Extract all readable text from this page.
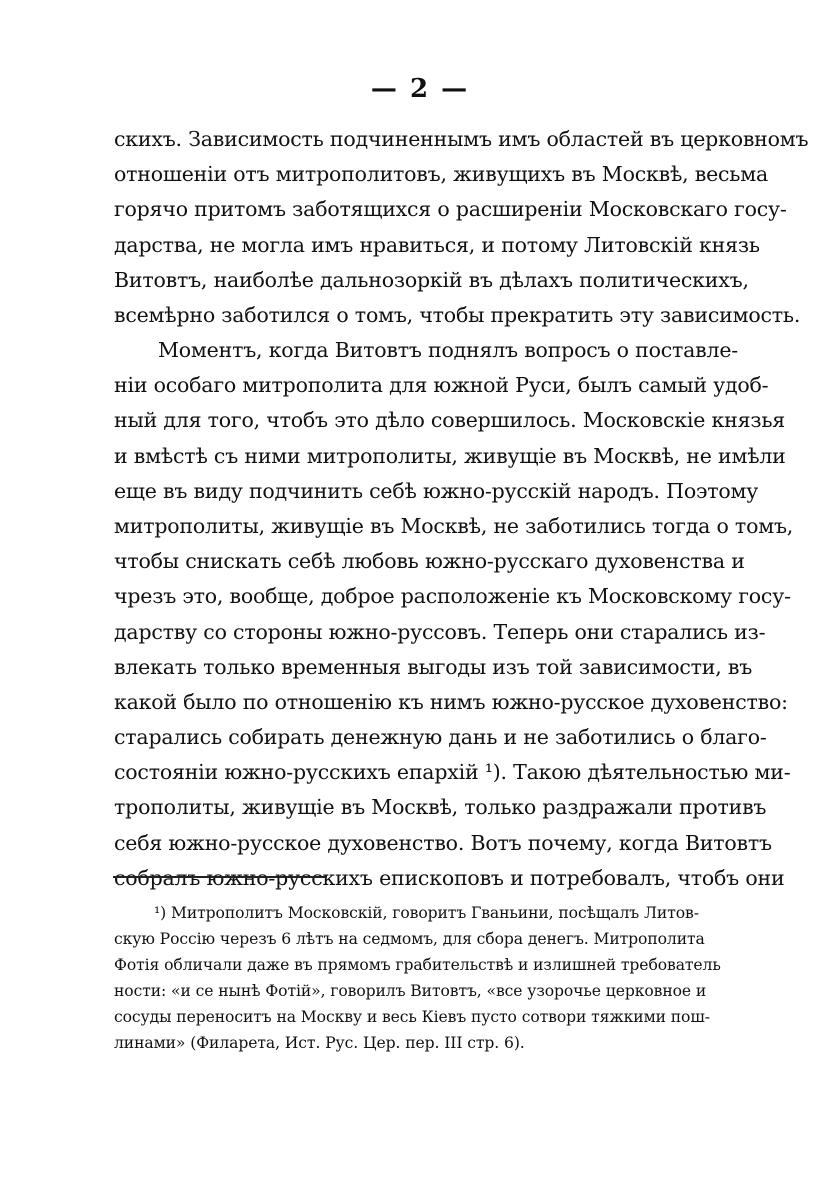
— 2 —
скихъ. Зависимость подчиненнымъ имъ областей въ церковномъ
отношеніи отъ митрополитовъ, живущихъ въ Москвѣ, весьма
горячо притомъ заботящихся о расширеніи Московскаго госу-
дарства, не могла имъ нравиться, и потому Литовскій князь
Витовтъ, наиболѣе дальнозоркій въ дѣлахъ политическихъ,
всемѣрно заботился о томъ, чтобы прекратить эту зависимость.
Моментъ, когда Витовтъ поднялъ вопросъ о поставле-
ніи особаго митрополита для южной Руси, былъ самый удоб-
ный для того, чтобъ это дѣло совершилось. Московскіе князья
и вмѣстѣ съ ними митрополиты, живущіе въ Москвѣ, не имѣли
еще въ виду подчинить себѣ южно-русскій народъ. Поэтому
митрополиты, живущіе въ Москвѣ, не заботились тогда о томъ,
чтобы снискать себѣ любовь южно-русскаго духовенства и
чрезъ это, вообще, доброе расположеніе къ Московскому госу-
дарству со стороны южно-руссовъ. Теперь они старались из-
влекать только временныя выгоды изъ той зависимости, въ
какой было по отношенію къ нимъ южно-русское духовенство:
старались собирать денежную дань и не заботились о благо-
состояніи южно-русскихъ епархій ¹). Такою дѣятельностью ми-
трополиты, живущіе въ Москвѣ, только раздражали противъ
себя южно-русское духовенство. Вотъ почему, когда Витовтъ
собралъ южно-русскихъ епископовъ и потребовалъ, чтобъ они
¹) Митрополитъ Московскій, говоритъ Гваньини, посѣщалъ Литов-
скую Россію черезъ 6 лѣтъ на седмомъ, для сбора денегъ. Митрополита
Фотія обличали даже въ прямомъ грабительствѣ и излишней требователь
ности: «и се нынѣ Фотій», говорилъ Витовтъ, «все узорочье церковное и
сосуды переноситъ на Москву и весь Кіевъ пусто сотвори тяжкими пош-
линами» (Филарета, Ист. Рус. Цер. пер. III стр. 6).
